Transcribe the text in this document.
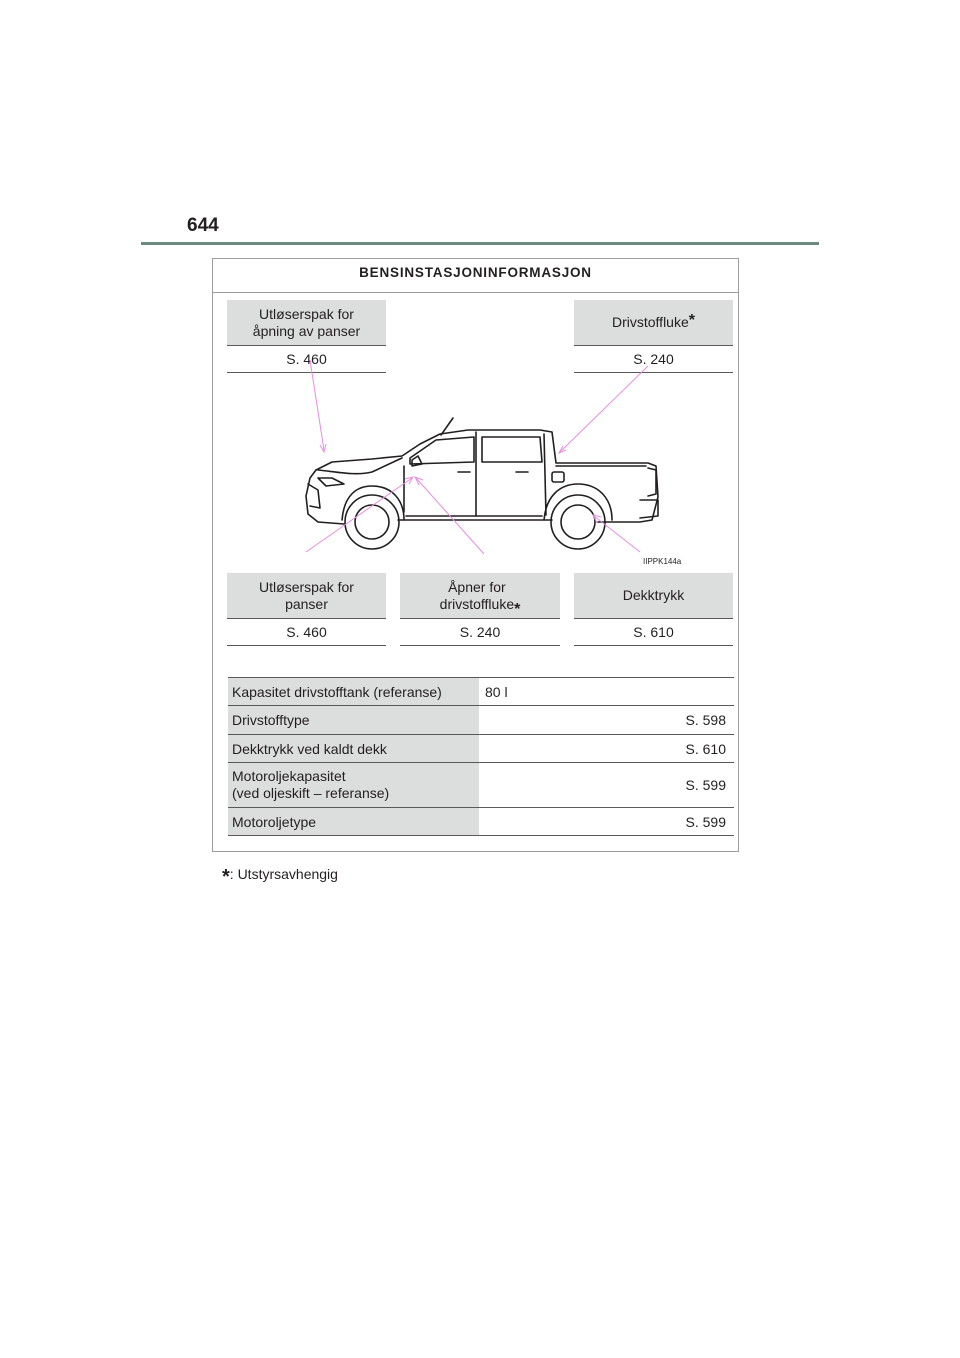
644
BENSINSTASJONINFORMASJON
Utløserspak for
åpning av panser
S. 460
Drivstoffluke*
S. 240
IIPPK144a
Utløserspak for
panser
S. 460
Åpner for
drivstoffluke*
S. 240
Dekktrykk
S. 610
Kapasitet drivstofftank (referanse)	80 l
Drivstofftype	S. 598
Dekktrykk ved kaldt dekk	S. 610
Motoroljekapasitet
(ved oljeskift – referanse)	S. 599
Motoroljetype	S. 599
*: Utstyrsavhengig
